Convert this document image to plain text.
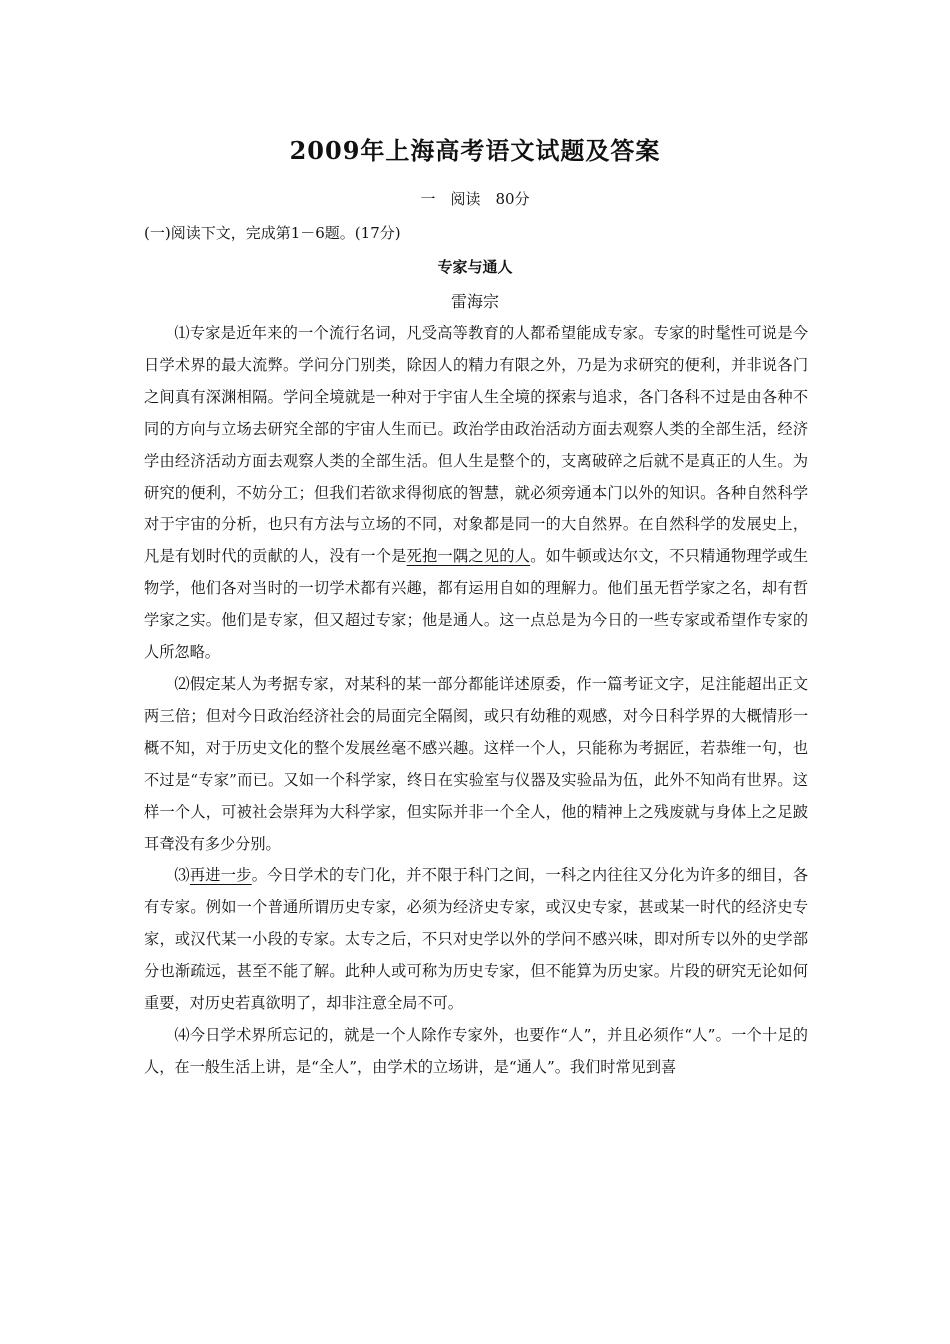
2009年上海高考语文试题及答案

一　阅读　80分

(一)阅读下文，完成第1－6题。(17分)

专家与通人

雷海宗

⑴专家是近年来的一个流行名词，凡受高等教育的人都希望能成专家。专家的时髦性可说是今日学术界的最大流弊。学问分门别类，除因人的精力有限之外，乃是为求研究的便利，并非说各门之间真有深渊相隔。学问全境就是一种对于宇宙人生全境的探索与追求，各门各科不过是由各种不同的方向与立场去研究全部的宇宙人生而已。政治学由政治活动方面去观察人类的全部生活，经济学由经济活动方面去观察人类的全部生活。但人生是整个的，支离破碎之后就不是真正的人生。为研究的便利，不妨分工；但我们若欲求得彻底的智慧，就必须旁通本门以外的知识。各种自然科学对于宇宙的分析，也只有方法与立场的不同，对象都是同一的大自然界。在自然科学的发展史上，凡是有划时代的贡献的人，没有一个是死抱一隅之见的人。如牛顿或达尔文，不只精通物理学或生物学，他们各对当时的一切学术都有兴趣，都有运用自如的理解力。他们虽无哲学家之名，却有哲学家之实。他们是专家，但又超过专家；他是通人。这一点总是为今日的一些专家或希望作专家的人所忽略。

⑵假定某人为考据专家，对某科的某一部分都能详述原委，作一篇考证文字，足注能超出正文两三倍；但对今日政治经济社会的局面完全隔阂，或只有幼稚的观感，对今日科学界的大概情形一概不知，对于历史文化的整个发展丝毫不感兴趣。这样一个人，只能称为考据匠，若恭维一句，也不过是“专家”而已。又如一个科学家，终日在实验室与仪器及实验品为伍，此外不知尚有世界。这样一个人，可被社会崇拜为大科学家，但实际并非一个全人，他的精神上之残废就与身体上之足跛耳聋没有多少分别。

⑶再进一步。今日学术的专门化，并不限于科门之间，一科之内往往又分化为许多的细目，各有专家。例如一个普通所谓历史专家，必须为经济史专家，或汉史专家，甚或某一时代的经济史专家，或汉代某一小段的专家。太专之后，不只对史学以外的学问不感兴味，即对所专以外的史学部分也渐疏远，甚至不能了解。此种人或可称为历史专家，但不能算为历史家。片段的研究无论如何重要，对历史若真欲明了，却非注意全局不可。

⑷今日学术界所忘记的，就是一个人除作专家外，也要作“人”，并且必须作“人”。一个十足的人，在一般生活上讲，是“全人”，由学术的立场讲，是“通人”。我们时常见到喜
